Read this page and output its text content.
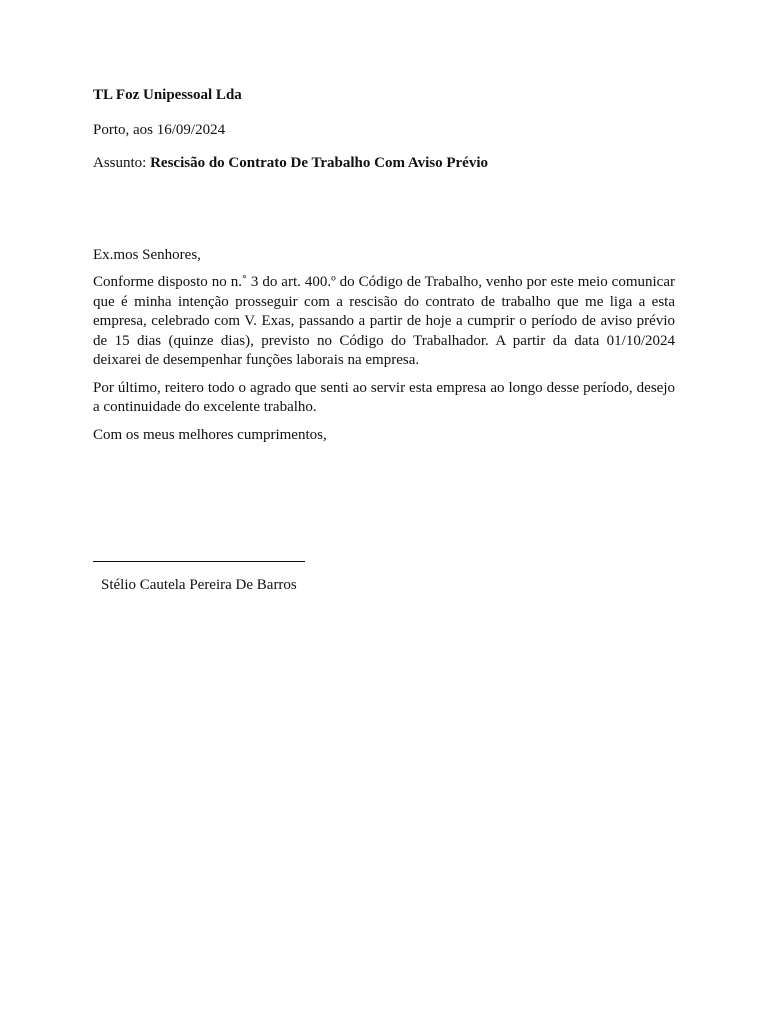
TL Foz Unipessoal Lda

Porto, aos 16/09/2024

Assunto: Rescisão do Contrato De Trabalho Com Aviso Prévio

Ex.mos Senhores,

Conforme disposto no n.˚ 3 do art. 400.º do Código de Trabalho, venho por este meio comunicar que é minha intenção prosseguir com a rescisão do contrato de trabalho que me liga a esta empresa, celebrado com V. Exas, passando a partir de hoje a cumprir o período de aviso prévio de 15 dias (quinze dias), previsto no Código do Trabalhador. A partir da data 01/10/2024 deixarei de desempenhar funções laborais na empresa.

Por último, reitero todo o agrado que senti ao servir esta empresa ao longo desse período, desejo a continuidade do excelente trabalho.

Com os meus melhores cumprimentos,

Stélio Cautela Pereira De Barros
